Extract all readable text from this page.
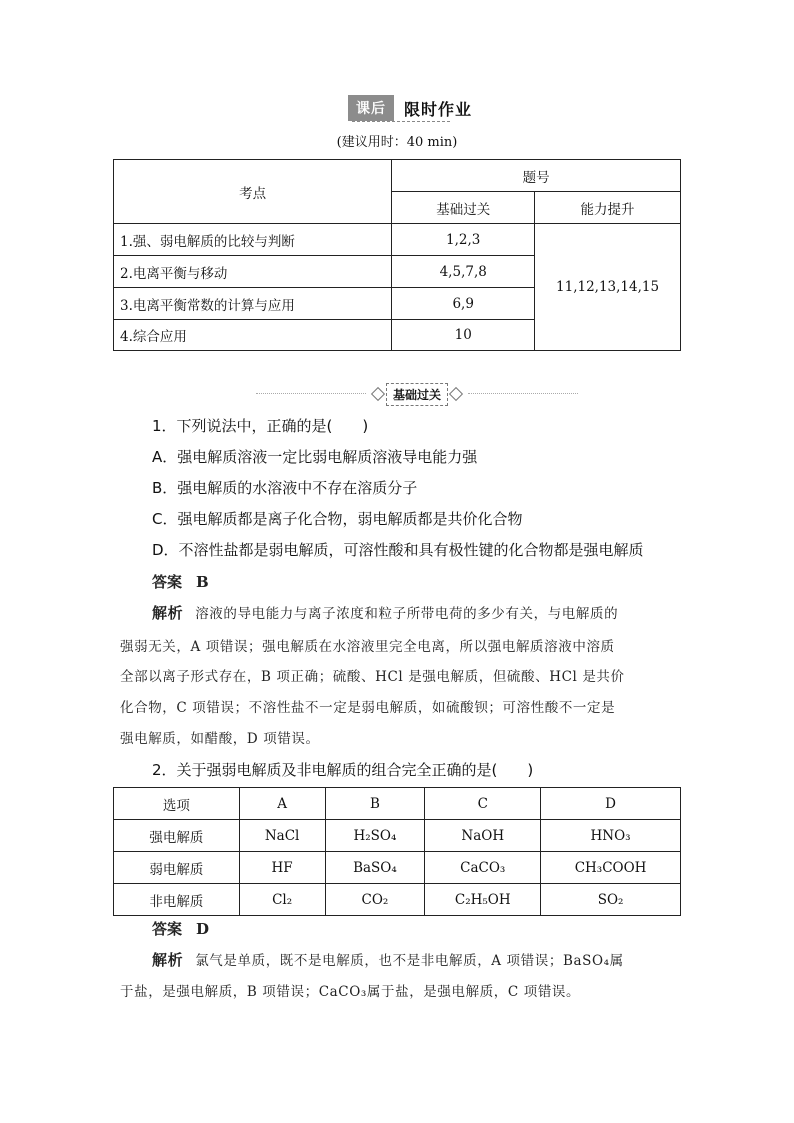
课后	限时作业
(建议用时：40 min)
考点	题号	
	基础过关	能力提升
1.强、弱电解质的比较与判断	1,2,3	11,12,13,14,15
2.电离平衡与移动	4,5,7,8	
3.电离平衡常数的计算与应用	6,9	
4.综合应用	10	
基础过关
1．下列说法中，正确的是(　　)
A．强电解质溶液一定比弱电解质溶液导电能力强
B．强电解质的水溶液中不存在溶质分子
C．强电解质都是离子化合物，弱电解质都是共价化合物
D．不溶性盐都是弱电解质，可溶性酸和具有极性键的化合物都是强电解质
答案 B
解析 溶液的导电能力与离子浓度和粒子所带电荷的多少有关，与电解质的
强弱无关，A 项错误；强电解质在水溶液里完全电离，所以强电解质溶液中溶质
全部以离子形式存在，B 项正确；硫酸、HCl 是强电解质，但硫酸、HCl 是共价
化合物，C 项错误；不溶性盐不一定是弱电解质，如硫酸钡；可溶性酸不一定是
强电解质，如醋酸，D 项错误。
2．关于强弱电解质及非电解质的组合完全正确的是(　　)
选项	A	B	C	D
强电解质	NaCl	H₂SO₄	NaOH	HNO₃
弱电解质	HF	BaSO₄	CaCO₃	CH₃COOH
非电解质	Cl₂	CO₂	C₂H₅OH	SO₂
答案 D
解析 氯气是单质，既不是电解质，也不是非电解质，A 项错误；BaSO₄属
于盐，是强电解质，B 项错误；CaCO₃属于盐，是强电解质，C 项错误。
